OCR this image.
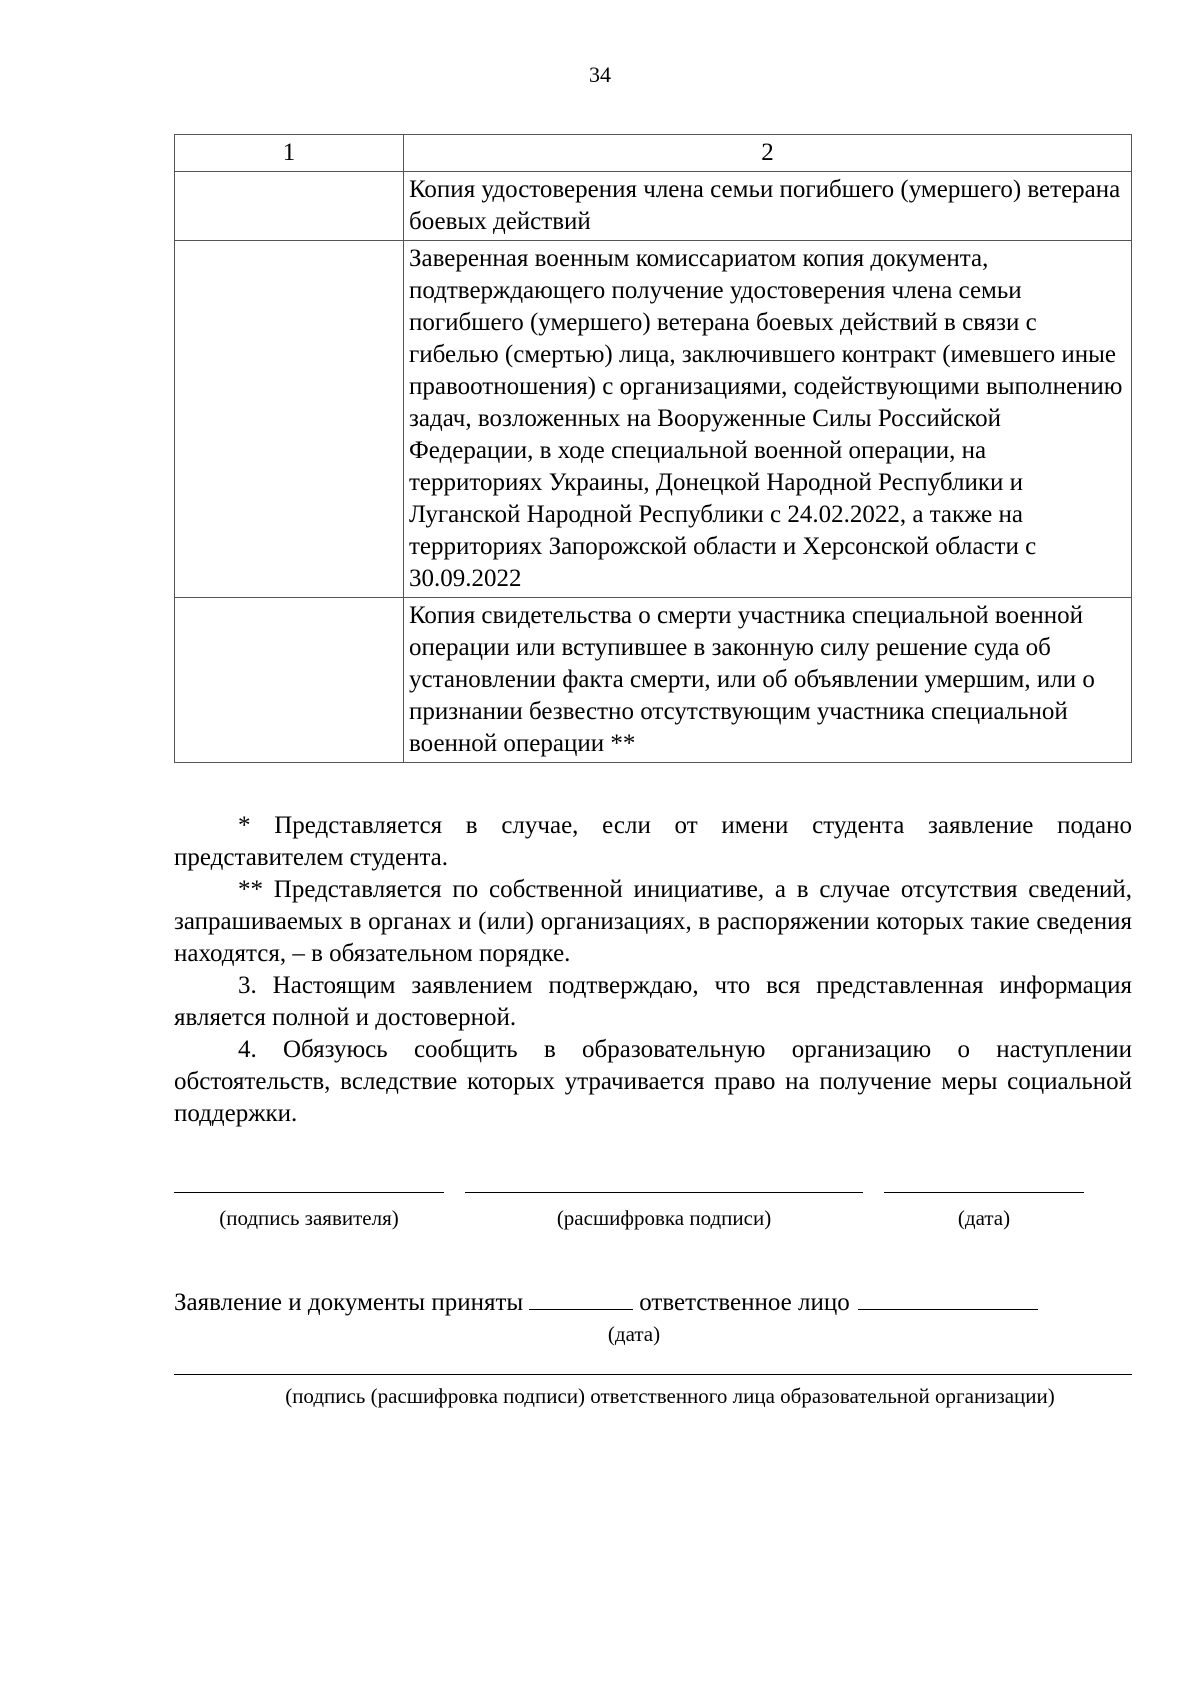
34
1	2
	Копия удостоверения члена семьи погибшего (умершего) ветерана боевых действий
	Заверенная военным комиссариатом копия документа, подтверждающего получение удостоверения члена семьи погибшего (умершего) ветерана боевых действий в связи с гибелью (смертью) лица, заключившего контракт (имевшего иные правоотношения) с организациями, содействующими выполнению задач, возложенных на Вооруженные Силы Российской Федерации, в ходе специальной военной операции, на территориях Украины, Донецкой Народной Республики и Луганской Народной Республики с 24.02.2022, а также на территориях Запорожской области и Херсонской области с 30.09.2022
	Копия свидетельства о смерти участника специальной военной операции или вступившее в законную силу решение суда об установлении факта смерти, или об объявлении умершим, или о признании безвестно отсутствующим участника специальной военной операции **

* Представляется в случае, если от имени студента заявление подано представителем студента.

** Представляется по собственной инициативе, а в случае отсутствия сведений, запрашиваемых в органах и (или) организациях, в распоряжении которых такие сведения находятся, – в обязательном порядке.

3. Настоящим заявлением подтверждаю, что вся представленная информация является полной и достоверной.

4. Обязуюсь сообщить в образовательную организацию о наступлении обстоятельств, вследствие которых утрачивается право на получение меры социальной поддержки.

(подпись заявителя)	(расшифровка подписи)	(дата)
Заявление и документы приняты	ответственное лицо
(дата)
(подпись (расшифровка подписи) ответственного лица образовательной организации)
